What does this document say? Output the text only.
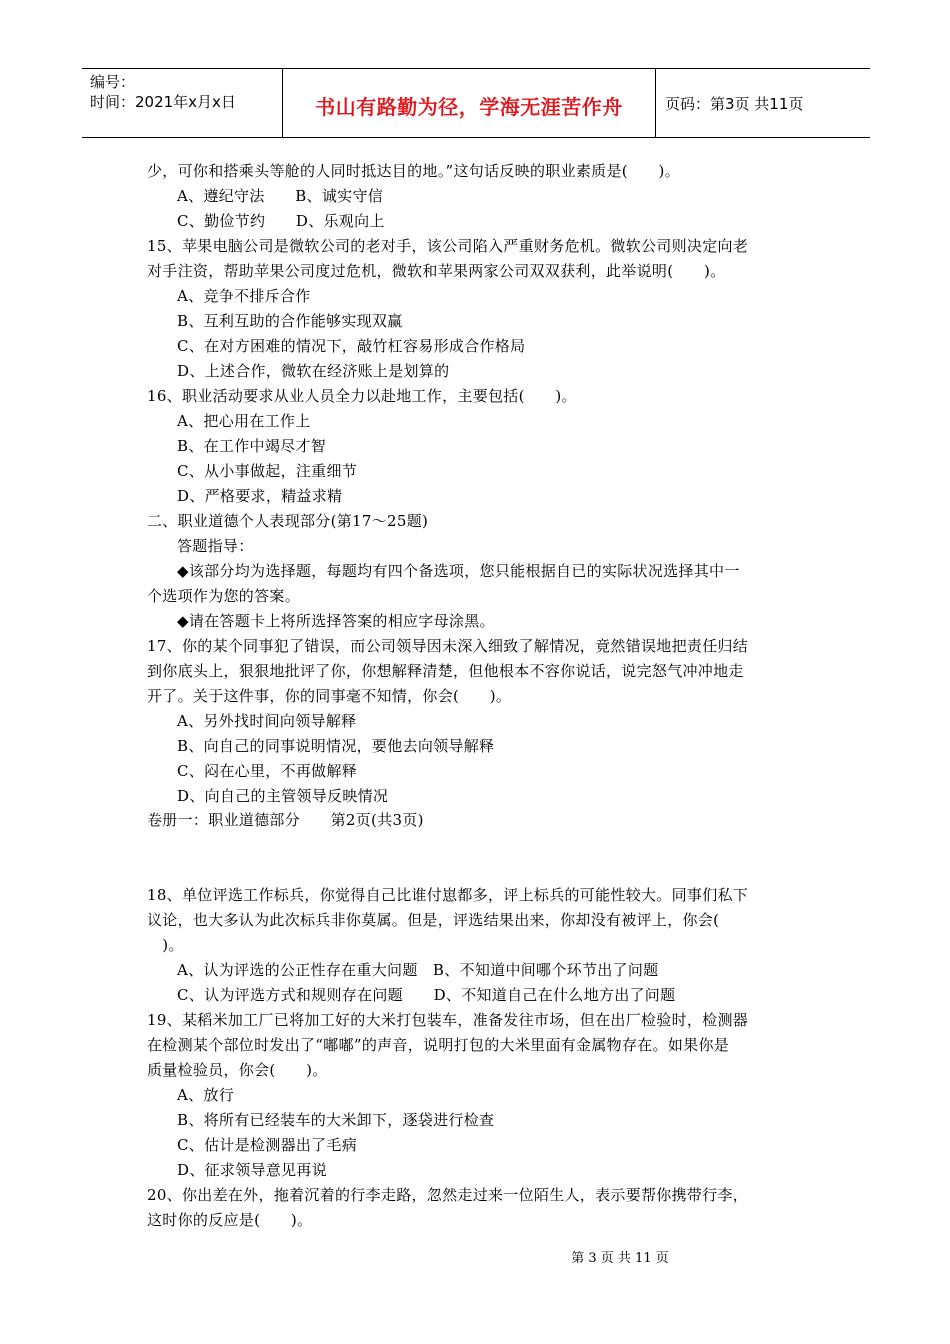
编号：
时间：2021年x月x日	书山有路勤为径，学海无涯苦作舟	页码：第3页 共11页
少，可你和搭乘头等舱的人同时抵达目的地。”这句话反映的职业素质是(　　)。
A、遵纪守法　　B、诚实守信
C、勤俭节约　　D、乐观向上
15、苹果电脑公司是微软公司的老对手，该公司陷入严重财务危机。微软公司则决定向老
对手注资，帮助苹果公司度过危机，微软和苹果两家公司双双获利，此举说明(　　)。
A、竞争不排斥合作
B、互利互助的合作能够实现双赢
C、在对方困难的情况下，敲竹杠容易形成合作格局
D、上述合作，微软在经济账上是划算的
16、职业活动要求从业人员全力以赴地工作，主要包括(　　)。
A、把心用在工作上
B、在工作中竭尽才智
C、从小事做起，注重细节
D、严格要求，精益求精
二、职业道德个人表现部分(第17～25题)
答题指导：
◆该部分均为选择题，每题均有四个备选项，您只能根据自已的实际状况选择其中一
个选项作为您的答案。
◆请在答题卡上将所选择答案的相应字母涂黑。
17、你的某个同事犯了错误，而公司领导因未深入细致了解情况，竟然错误地把责任归结
到你底头上，狠狠地批评了你，你想解释清楚，但他根本不容你说话，说完怒气冲冲地走
开了。关于这件事，你的同事毫不知情，你会(　　)。
A、另外找时间向领导解释
B、向自己的同事说明情况，要他去向领导解释
C、闷在心里，不再做解释
D、向自己的主管领导反映情况
卷册一：职业道德部分　　第2页(共3页)
18、单位评选工作标兵，你觉得自己比谁付崽都多，评上标兵的可能性较大。同事们私下
议论，也大多认为此次标兵非你莫属。但是，评选结果出来，你却没有被评上，你会(
　)。
A、认为评选的公正性存在重大问题　B、不知道中间哪个环节出了问题
C、认为评选方式和规则存在问题　　D、不知道自己在什么地方出了问题
19、某稻米加工厂已将加工好的大米打包装车，准备发往市场，但在出厂检验时，检测器
在检测某个部位时发出了“嘟嘟”的声音，说明打包的大米里面有金属物存在。如果你是
质量检验员，你会(　　)。
A、放行
B、将所有已经装车的大米卸下，逐袋进行检查
C、估计是检测器出了毛病
D、征求领导意见再说
20、你出差在外，拖着沉着的行李走路，忽然走过来一位陌生人，表示要帮你携带行李，
这时你的反应是(　　)。
第 3 页 共 11 页
